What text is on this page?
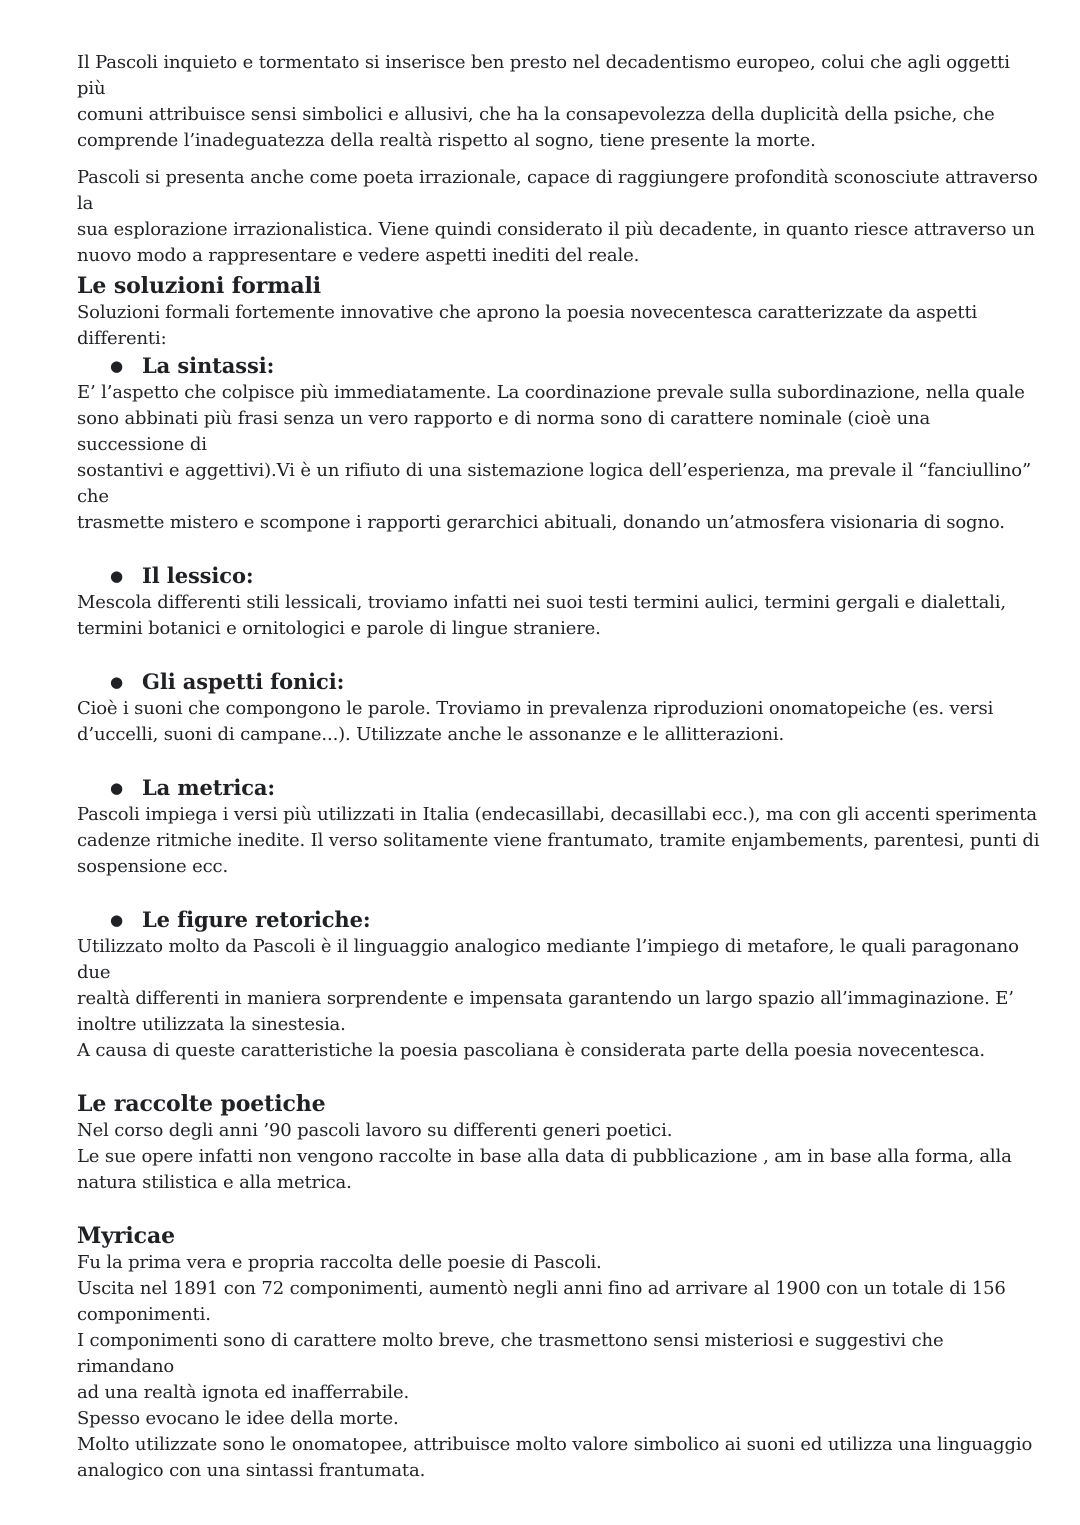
Il Pascoli inquieto e tormentato si inserisce ben presto nel decadentismo europeo, colui che agli oggetti più
comuni attribuisce sensi simbolici e allusivi, che ha la consapevolezza della duplicità della psiche, che
comprende l’inadeguatezza della realtà rispetto al sogno, tiene presente la morte.

Pascoli si presenta anche come poeta irrazionale, capace di raggiungere profondità sconosciute attraverso la
sua esplorazione irrazionalistica. Viene quindi considerato il più decadente, in quanto riesce attraverso un
nuovo modo a rappresentare e vedere aspetti inediti del reale.

Le soluzioni formali

Soluzioni formali fortemente innovative che aprono la poesia novecentesca caratterizzate da aspetti
differenti:

● La sintassi:

E’ l’aspetto che colpisce più immediatamente. La coordinazione prevale sulla subordinazione, nella quale
sono abbinati più frasi senza un vero rapporto e di norma sono di carattere nominale (cioè una successione di
sostantivi e aggettivi).Vi è un rifiuto di una sistemazione logica dell’esperienza, ma prevale il “fanciullino” che
trasmette mistero e scompone i rapporti gerarchici abituali, donando un’atmosfera visionaria di sogno.

● Il lessico:

Mescola differenti stili lessicali, troviamo infatti nei suoi testi termini aulici, termini gergali e dialettali,
termini botanici e ornitologici e parole di lingue straniere.

● Gli aspetti fonici:

Cioè i suoni che compongono le parole. Troviamo in prevalenza riproduzioni onomatopeiche (es. versi
d’uccelli, suoni di campane...). Utilizzate anche le assonanze e le allitterazioni.

● La metrica:

Pascoli impiega i versi più utilizzati in Italia (endecasillabi, decasillabi ecc.), ma con gli accenti sperimenta
cadenze ritmiche inedite. Il verso solitamente viene frantumato, tramite enjambements, parentesi, punti di
sospensione ecc.

● Le figure retoriche:

Utilizzato molto da Pascoli è il linguaggio analogico mediante l’impiego di metafore, le quali paragonano due
realtà differenti in maniera sorprendente e impensata garantendo un largo spazio all’immaginazione. E’
inoltre utilizzata la sinestesia.
A causa di queste caratteristiche la poesia pascoliana è considerata parte della poesia novecentesca.

Le raccolte poetiche

Nel corso degli anni ’90 pascoli lavoro su differenti generi poetici.
Le sue opere infatti non vengono raccolte in base alla data di pubblicazione , am in base alla forma, alla
natura stilistica e alla metrica.

Myricae

Fu la prima vera e propria raccolta delle poesie di Pascoli.
Uscita nel 1891 con 72 componimenti, aumentò negli anni fino ad arrivare al 1900 con un totale di 156
componimenti.
I componimenti sono di carattere molto breve, che trasmettono sensi misteriosi e suggestivi che rimandano
ad una realtà ignota ed inafferrabile.
Spesso evocano le idee della morte.
Molto utilizzate sono le onomatopee, attribuisce molto valore simbolico ai suoni ed utilizza una linguaggio
analogico con una sintassi frantumata.
